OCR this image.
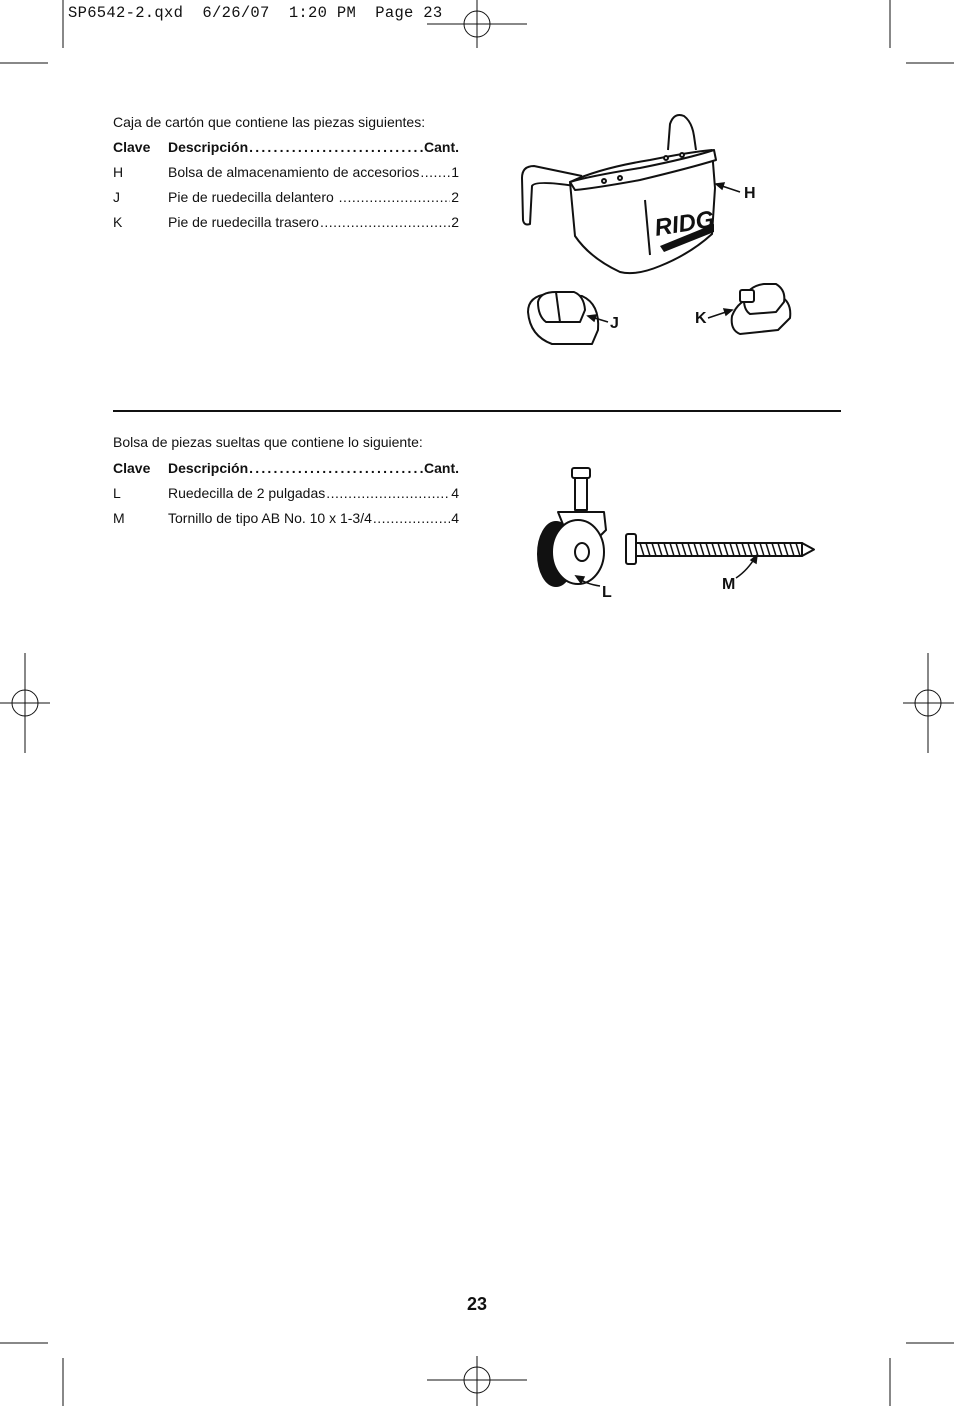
SP6542-2.qxd  6/26/07  1:20 PM  Page 23
Caja de cartón que contiene las piezas siguientes:
Clave Descripción .....	Cant.
H	Bolsa de almacenamiento de accesorios ..... 1
J	Pie de ruedecilla delantero .....	2
K	Pie de ruedecilla trasero .....	2	RIDG
H
J	K
Bolsa de piezas sueltas que contiene lo siguiente:
Clave Descripción .....	Cant.
L	Ruedecilla de 2 pulgadas .....	4
M	Tornillo de tipo AB No. 10 x 1-3/4 .....	4
L	M
23
